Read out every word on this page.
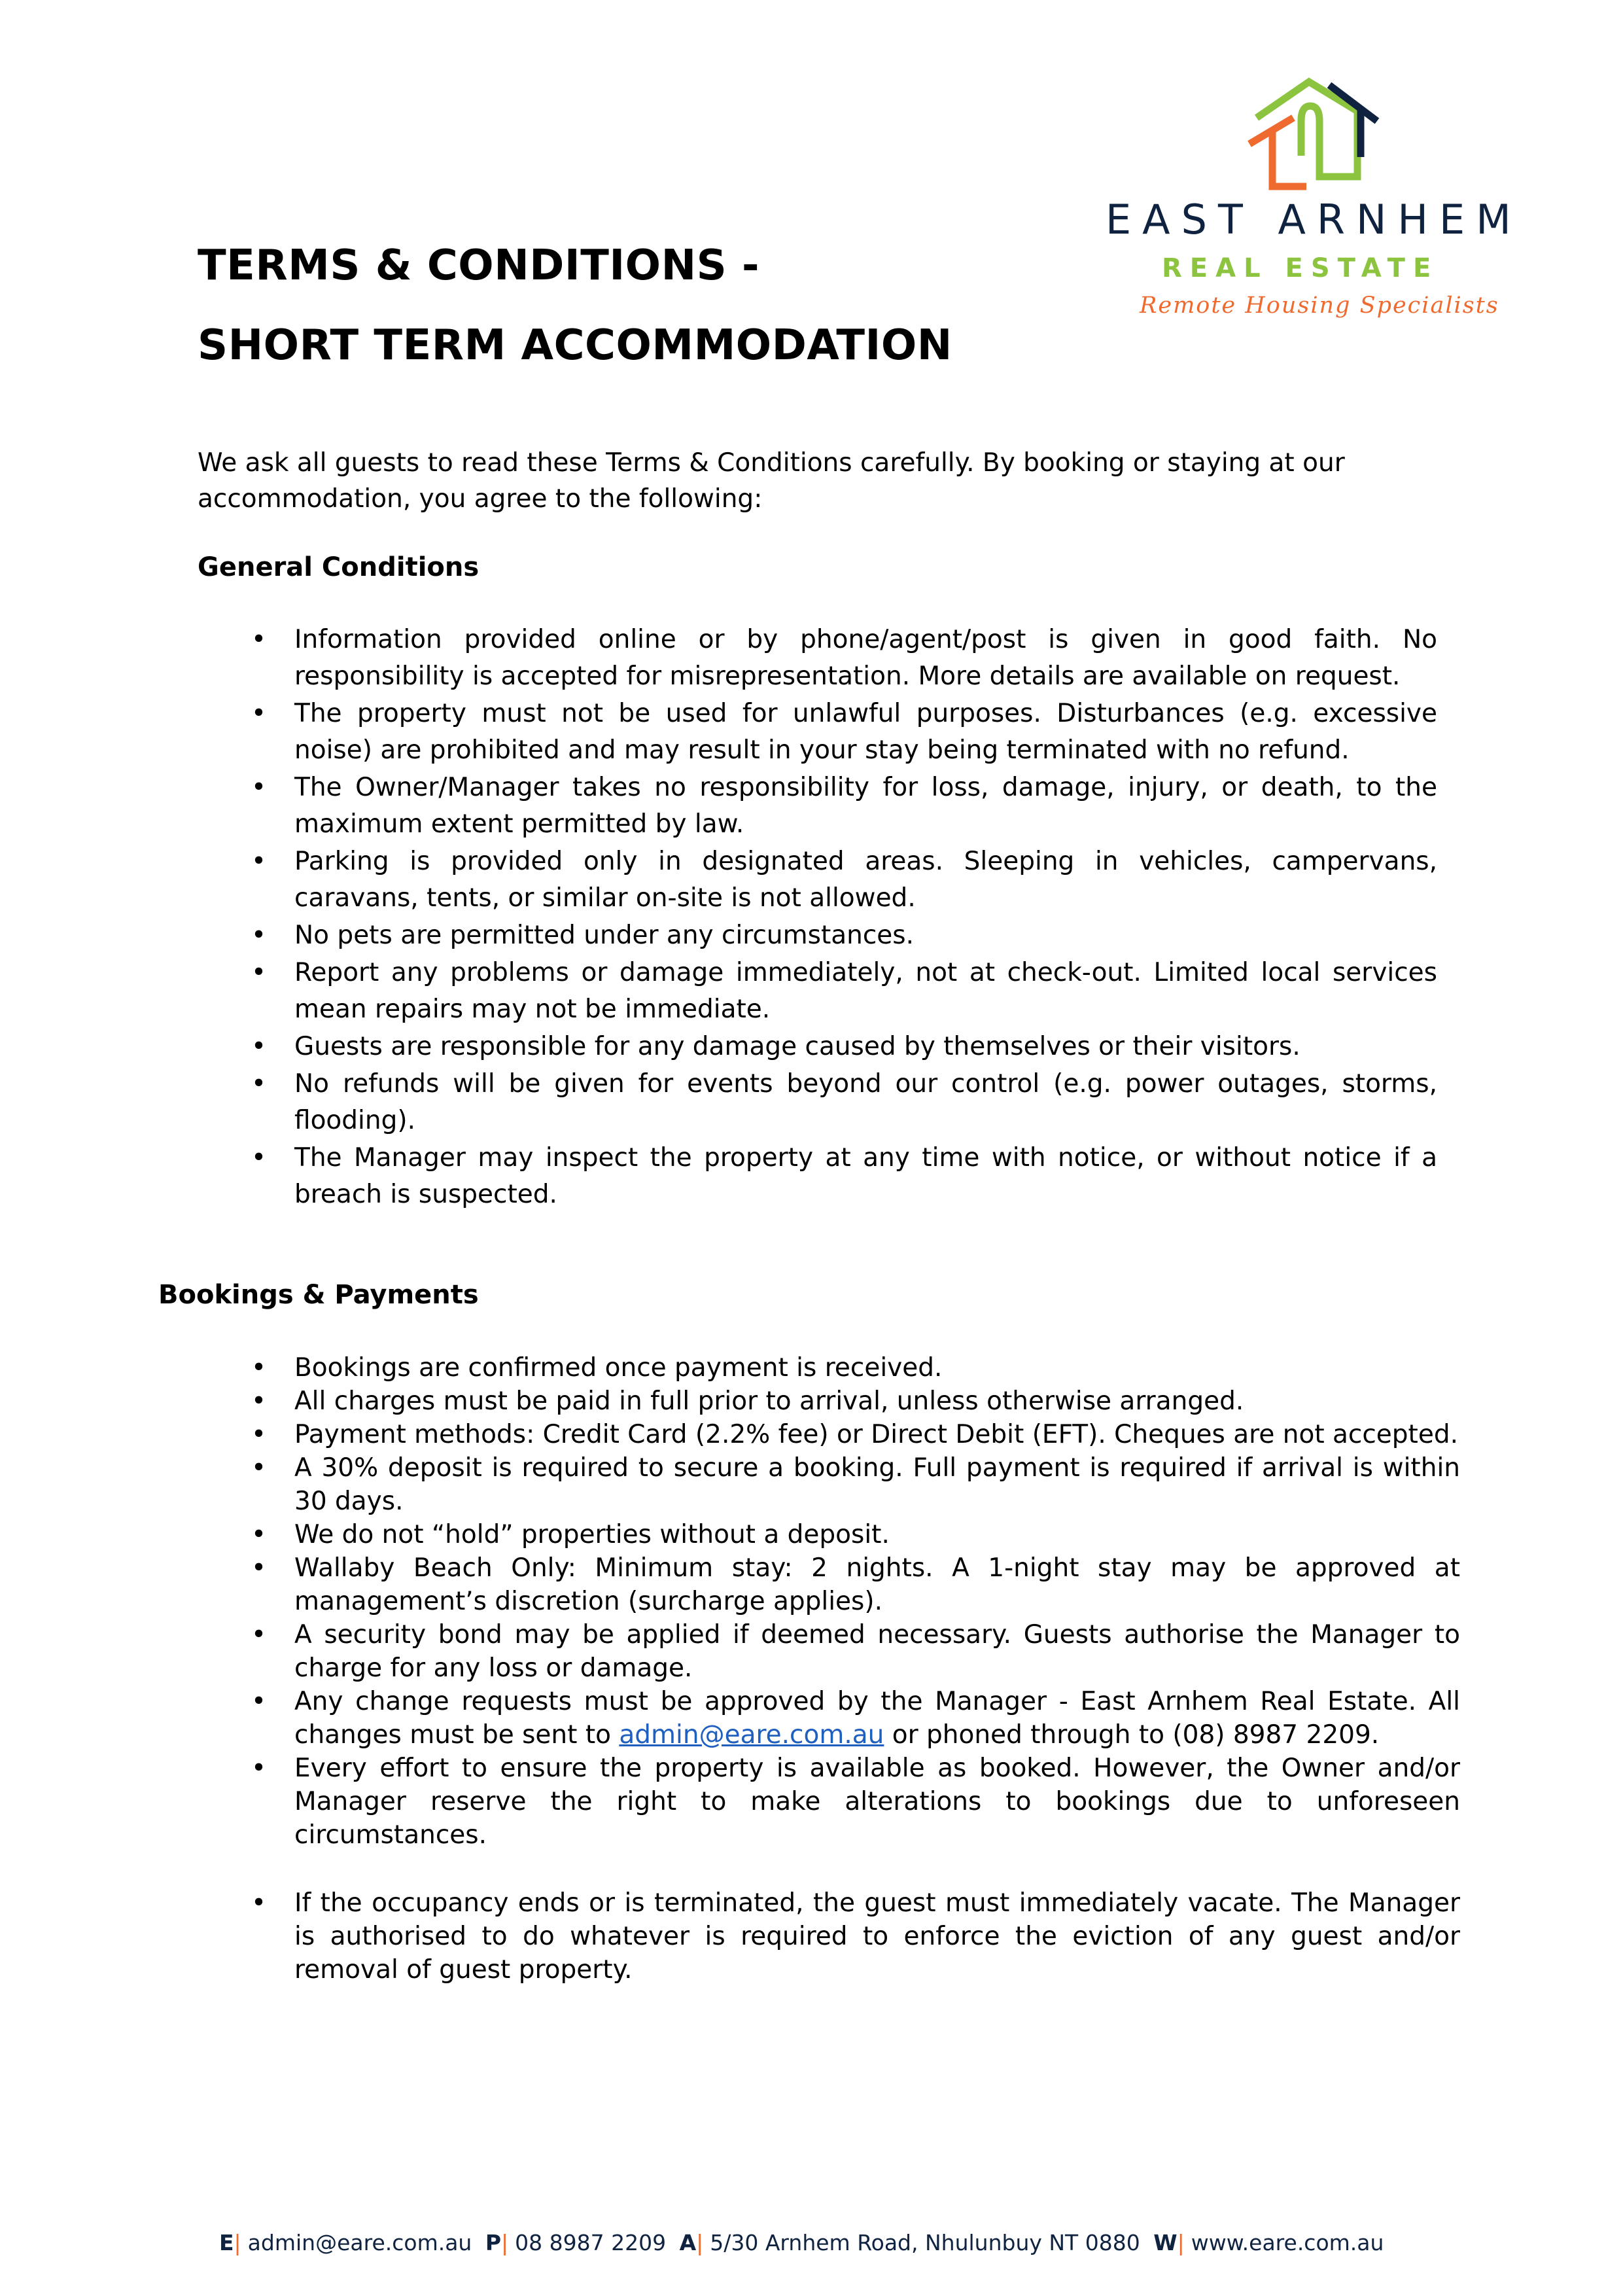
EAST ARNHEM
REAL ESTATE
Remote Housing Specialists
TERMS & CONDITIONS -
SHORT TERM ACCOMMODATION

We ask all guests to read these Terms & Conditions carefully. By booking or staying at our accommodation, you agree to the following:

General Conditions
• Information provided online or by phone/agent/post is given in good faith. No responsibility is accepted for misrepresentation. More details are available on request.
• The property must not be used for unlawful purposes. Disturbances (e.g. excessive noise) are prohibited and may result in your stay being terminated with no refund.
• The Owner/Manager takes no responsibility for loss, damage, injury, or death, to the maximum extent permitted by law.
• Parking is provided only in designated areas. Sleeping in vehicles, campervans, caravans, tents, or similar on-site is not allowed.
• No pets are permitted under any circumstances.
• Report any problems or damage immediately, not at check-out. Limited local services mean repairs may not be immediate.
• Guests are responsible for any damage caused by themselves or their visitors.
• No refunds will be given for events beyond our control (e.g. power outages, storms, flooding).
• The Manager may inspect the property at any time with notice, or without notice if a breach is suspected.
Bookings & Payments
• Bookings are confirmed once payment is received.
• All charges must be paid in full prior to arrival, unless otherwise arranged.
• Payment methods: Credit Card (2.2% fee) or Direct Debit (EFT). Cheques are not accepted.
• A 30% deposit is required to secure a booking. Full payment is required if arrival is within 30 days.
• We do not “hold” properties without a deposit.
• Wallaby Beach Only: Minimum stay: 2 nights. A 1-night stay may be approved at management’s discretion (surcharge applies).
• A security bond may be applied if deemed necessary. Guests authorise the Manager to charge for any loss or damage.
• Any change requests must be approved by the Manager - East Arnhem Real Estate. All changes must be sent to admin@eare.com.au or phoned through to (08) 8987 2209.
• Every effort to ensure the property is available as booked. However, the Owner and/or Manager reserve the right to make alterations to bookings due to unforeseen circumstances.
• If the occupancy ends or is terminated, the guest must immediately vacate. The Manager is authorised to do whatever is required to enforce the eviction of any guest and/or removal of guest property.
E| admin@eare.com.au P| 08 8987 2209 A| 5/30 Arnhem Road, Nhulunbuy NT 0880 W| www.eare.com.au
